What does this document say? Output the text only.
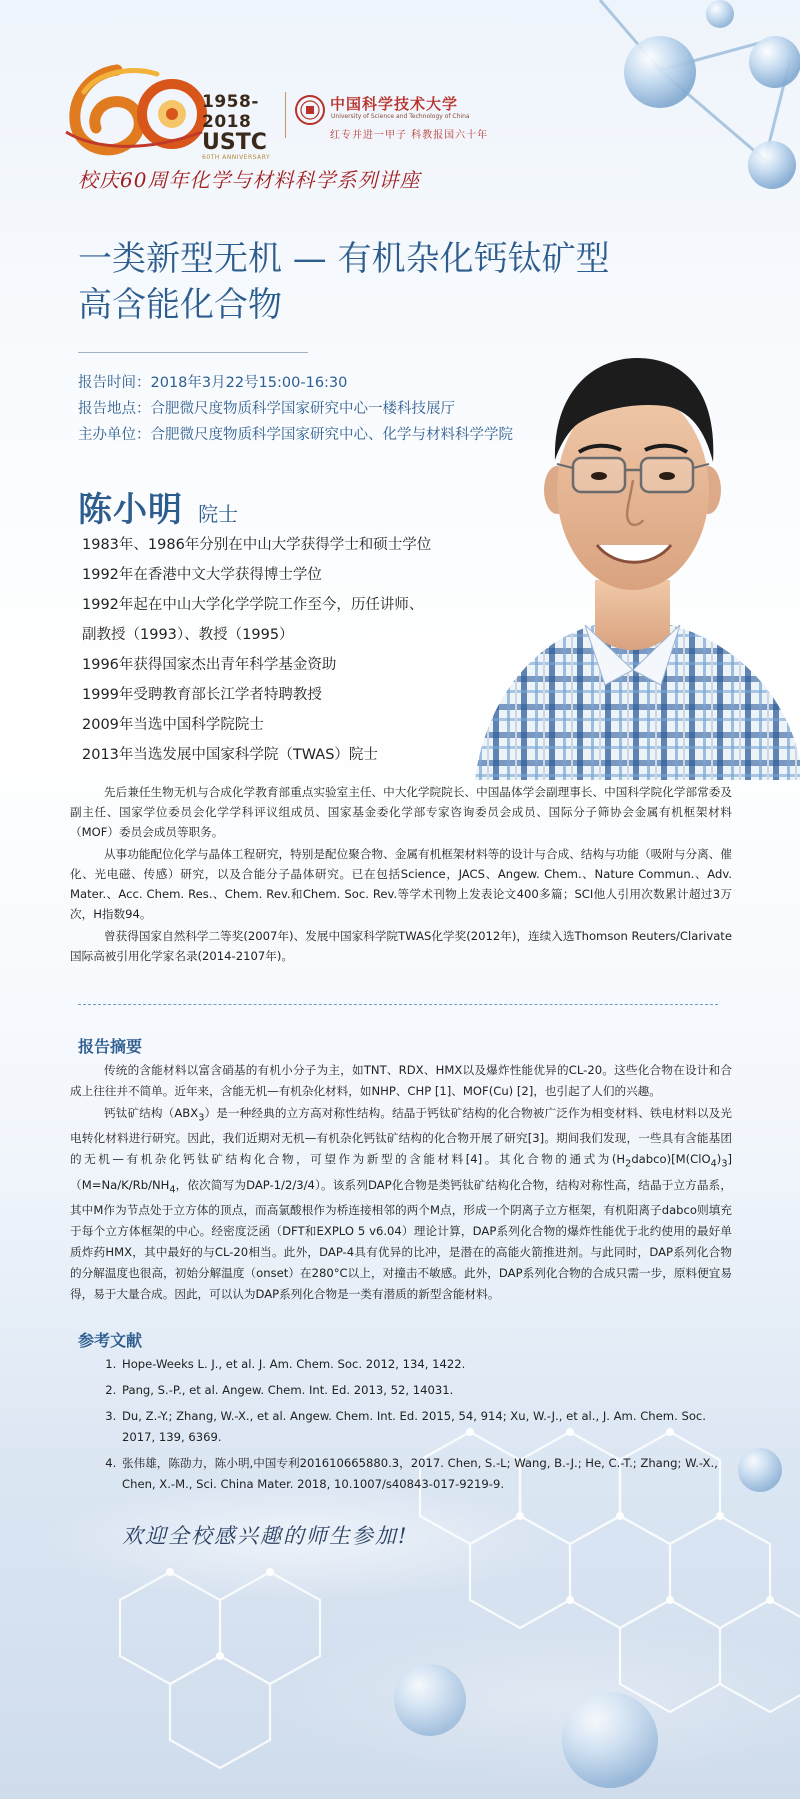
1958-2018
USTC
60TH ANNIVERSARY
中国科学技术大学
University of Science and Technology of China
红专并进一甲子 科教报国六十年
校庆60周年化学与材料科学系列讲座
一类新型无机 — 有机杂化钙钛矿型
高含能化合物
报告时间：2018年3月22号15:00-16:30
报告地点：合肥微尺度物质科学国家研究中心一楼科技展厅
主办单位：合肥微尺度物质科学国家研究中心、化学与材料科学学院
陈小明 院士
1983年、1986年分别在中山大学获得学士和硕士学位
1992年在香港中文大学获得博士学位
1992年起在中山大学化学学院工作至今，历任讲师、
副教授（1993）、教授（1995）
1996年获得国家杰出青年科学基金资助
1999年受聘教育部长江学者特聘教授
2009年当选中国科学院院士
2013年当选发展中国家科学院（TWAS）院士

先后兼任生物无机与合成化学教育部重点实验室主任、中大化学院院长、中国晶体学会副理事长、中国科学院化学部常委及副主任、国家学位委员会化学学科评议组成员、国家基金委化学部专家咨询委员会成员、国际分子筛协会金属有机框架材料（MOF）委员会成员等职务。

从事功能配位化学与晶体工程研究，特别是配位聚合物、金属有机框架材料等的设计与合成、结构与功能（吸附与分离、催化、光电磁、传感）研究，以及合能分子晶体研究。已在包括Science，JACS、Angew. Chem.、Nature Commun.、Adv. Mater.、Acc. Chem. Res.、Chem. Rev.和Chem. Soc. Rev.等学术刊物上发表论文400多篇；SCI他人引用次数累计超过3万次，H指数94。

曾获得国家自然科学二等奖(2007年)、发展中国家科学院TWAS化学奖(2012年)，连续入选Thomson Reuters/Clarivate国际高被引用化学家名录(2014-2107年)。

报告摘要

传统的含能材料以富含硝基的有机小分子为主，如TNT、RDX、HMX以及爆炸性能优异的CL-20。这些化合物在设计和合成上往往并不简单。近年来，含能无机—有机杂化材料，如NHP、CHP [1]、MOF(Cu) [2]，也引起了人们的兴趣。

钙钛矿结构$(ABX_3)$是一种经典的立方高对称性结构。结晶于钙钛矿结构的化合物被广泛作为相变材料、铁电材料以及光电转化材料进行研究。因此，我们近期对无机—有机杂化钙钛矿结构的化合物开展了研究[3]。期间我们发现，一些具有含能基团的无机—有机杂化钙钛矿结构化合物，可望作为新型的含能材料[4]。其化合物的通式为$(H_2dabco)[M(ClO_4)_3](M=Na/K/Rb/NH_4$，依次简写为DAP-1/2/3/4）。该系列DAP化合物是类钙钛矿结构化合物，结构对称性高，结晶于立方晶系，其中M作为节点处于立方体的顶点，而高氯酸根作为桥连接相邻的两个M点，形成一个阴离子立方框架，有机阳离子dabco则填充于每个立方体框架的中心。经密度泛函（DFT和EXPLO 5 v6.04）理论计算，DAP系列化合物的爆炸性能优于北约使用的最好单质炸药HMX，其中最好的与CL-20相当。此外，DAP-4具有优异的比冲，是潜在的高能火箭推进剂。与此同时，DAP系列化合物的分解温度也很高，初始分解温度（onset）在280°C以上，对撞击不敏感。此外，DAP系列化合物的合成只需一步，原料便宜易得，易于大量合成。因此，可以认为DAP系列化合物是一类有潜质的新型含能材料。

参考文献
1. Hope-Weeks L. J., et al. J. Am. Chem. Soc. 2012, 134, 1422.
2. Pang, S.-P., et al. Angew. Chem. Int. Ed. 2013, 52, 14031.
3. Du, Z.-Y.; Zhang, W.-X., et al. Angew. Chem. Int. Ed. 2015, 54, 914; Xu, W.-J., et al., J. Am. Chem. Soc. 2017, 139, 6369.
4. 张伟雄，陈劭力，陈小明,中国专利201610665880.3，2017. Chen, S.-L; Wang, B.-J.; He, C.-T.; Zhang; W.-X., Chen, X.-M., Sci. China Mater. 2018, 10.1007/s40843-017-9219-9.
欢迎全校感兴趣的师生参加!
